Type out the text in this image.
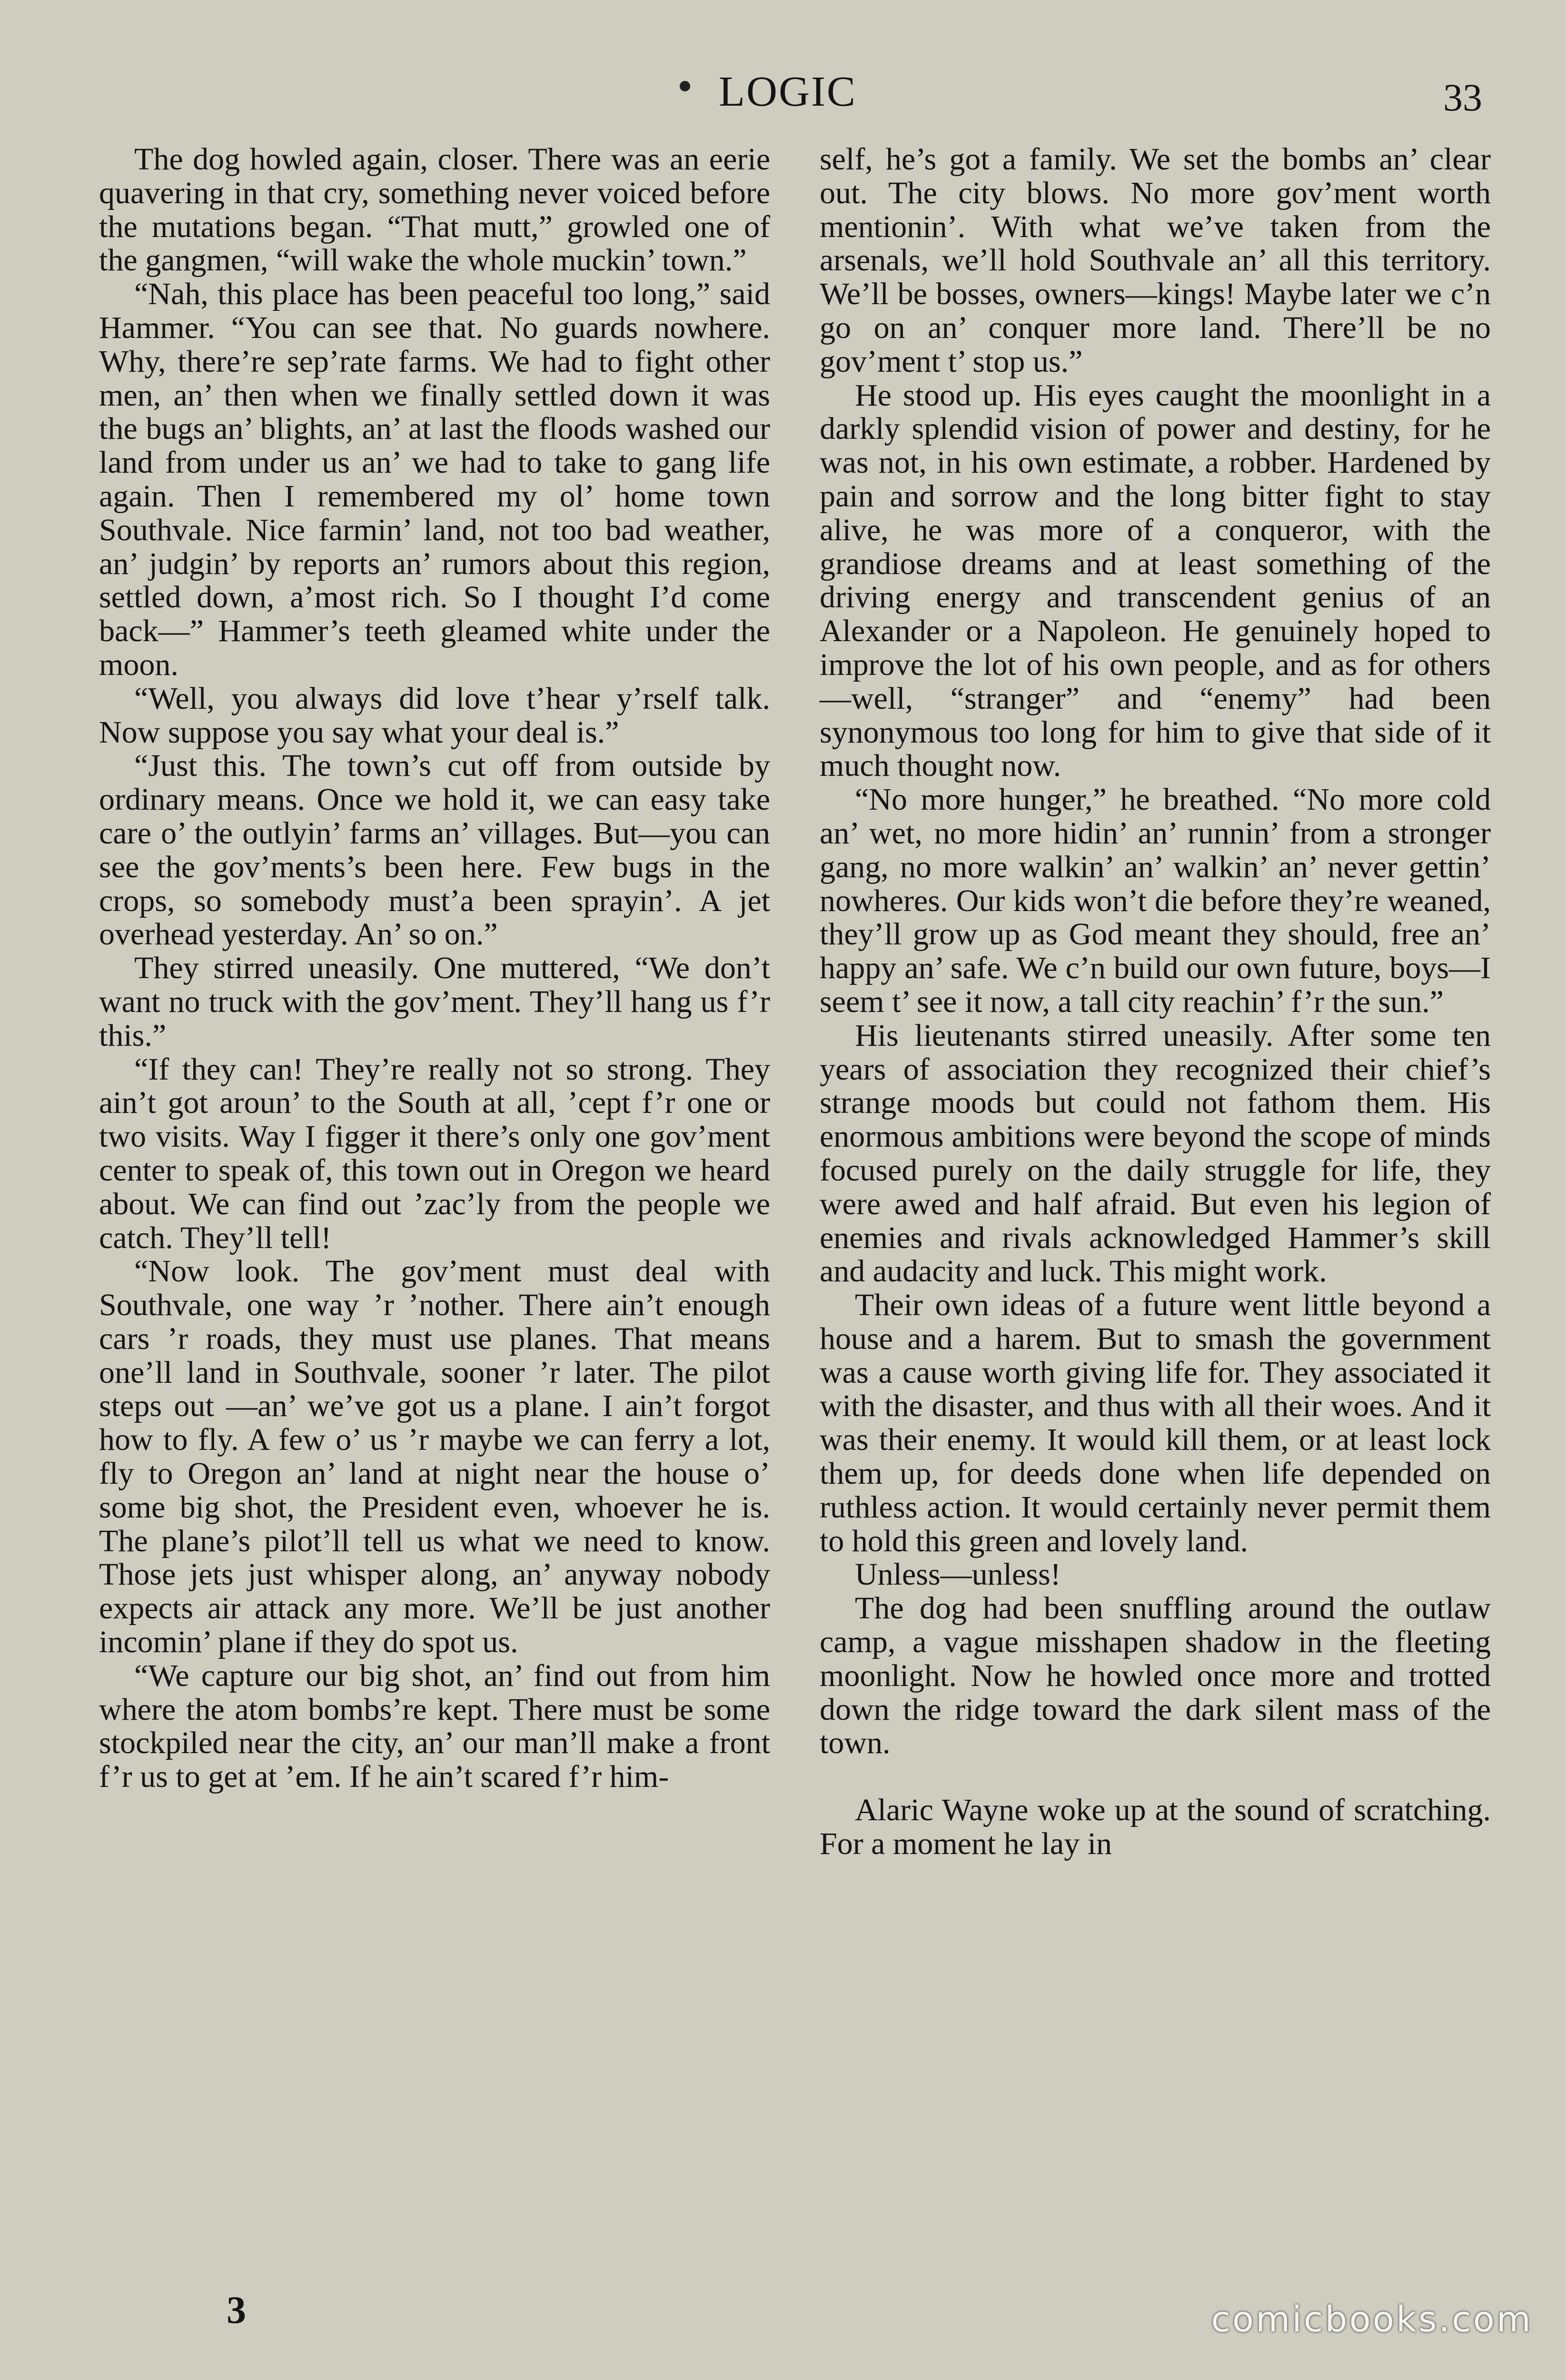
LOGIC	33

The dog howled again, closer. There was an eerie quavering in that cry, something never voiced before the mutations began. “That mutt,” growled one of the gangmen, “will wake the whole muckin’ town.”

“Nah, this place has been peaceful too long,” said Hammer. “You can see that. No guards nowhere. Why, there’re sep’rate farms. We had to fight other men, an’ then when we finally settled down it was the bugs an’ blights, an’ at last the floods washed our land from under us an’ we had to take to gang life again. Then I remembered my ol’ home town Southvale. Nice farmin’ land, not too bad weather, an’ judgin’ by reports an’ rumors about this region, settled down, a’most rich. So I thought I’d come back—” Hammer’s teeth gleamed white under the moon.

“Well, you always did love t’hear y’rself talk. Now suppose you say what your deal is.”

“Just this. The town’s cut off from outside by ordinary means. Once we hold it, we can easy take care o’ the outlyin’ farms an’ villages. But—you can see the gov’ments’s been here. Few bugs in the crops, so somebody must’a been sprayin’. A jet overhead yesterday. An’ so on.”

They stirred uneasily. One muttered, “We don’t want no truck with the gov’ment. They’ll hang us f’r this.”

“If they can! They’re really not so strong. They ain’t got aroun’ to the South at all, ’cept f’r one or two visits. Way I figger it there’s only one gov’ment center to speak of, this town out in Oregon we heard about. We can find out ’zac’ly from the people we catch. They’ll tell!

“Now look. The gov’ment must deal with Southvale, one way ’r ’nother. There ain’t enough cars ’r roads, they must use planes. That means one’ll land in Southvale, sooner ’r later. The pilot steps out —an’ we’ve got us a plane. I ain’t forgot how to fly. A few o’ us ’r maybe we can ferry a lot, fly to Oregon an’ land at night near the house o’ some big shot, the President even, whoever he is. The plane’s pilot’ll tell us what we need to know. Those jets just whisper along, an’ anyway nobody expects air attack any more. We’ll be just another incomin’ plane if they do spot us.

“We capture our big shot, an’ find out from him where the atom bombs’re kept. There must be some stockpiled near the city, an’ our man’ll make a front f’r us to get at ’em. If he ain’t scared f’r him-

self, he’s got a family. We set the bombs an’ clear out. The city blows. No more gov’ment worth mentionin’. With what we’ve taken from the arsenals, we’ll hold Southvale an’ all this territory. We’ll be bosses, owners—kings! Maybe later we c’n go on an’ conquer more land. There’ll be no gov’ment t’ stop us.”

He stood up. His eyes caught the moonlight in a darkly splendid vision of power and destiny, for he was not, in his own estimate, a robber. Hardened by pain and sorrow and the long bitter fight to stay alive, he was more of a conqueror, with the grandiose dreams and at least something of the driving energy and transcendent genius of an Alexander or a Napoleon. He genuinely hoped to improve the lot of his own people, and as for others—well, “stranger” and “enemy” had been synonymous too long for him to give that side of it much thought now.

“No more hunger,” he breathed. “No more cold an’ wet, no more hidin’ an’ runnin’ from a stronger gang, no more walkin’ an’ walkin’ an’ never gettin’ nowheres. Our kids won’t die before they’re weaned, they’ll grow up as God meant they should, free an’ happy an’ safe. We c’n build our own future, boys—I seem t’ see it now, a tall city reachin’ f’r the sun.”

His lieutenants stirred uneasily. After some ten years of association they recognized their chief’s strange moods but could not fathom them. His enormous ambitions were beyond the scope of minds focused purely on the daily struggle for life, they were awed and half afraid. But even his legion of enemies and rivals acknowledged Hammer’s skill and audacity and luck. This might work.

Their own ideas of a future went little beyond a house and a harem. But to smash the government was a cause worth giving life for. They associated it with the disaster, and thus with all their woes. And it was their enemy. It would kill them, or at least lock them up, for deeds done when life depended on ruthless action. It would certainly never permit them to hold this green and lovely land.

Unless—unless!

The dog had been snuffling around the outlaw camp, a vague misshapen shadow in the fleeting moonlight. Now he howled once more and trotted down the ridge toward the dark silent mass of the town.

Alaric Wayne woke up at the sound of scratching. For a moment he lay in

3	comicbooks.com
